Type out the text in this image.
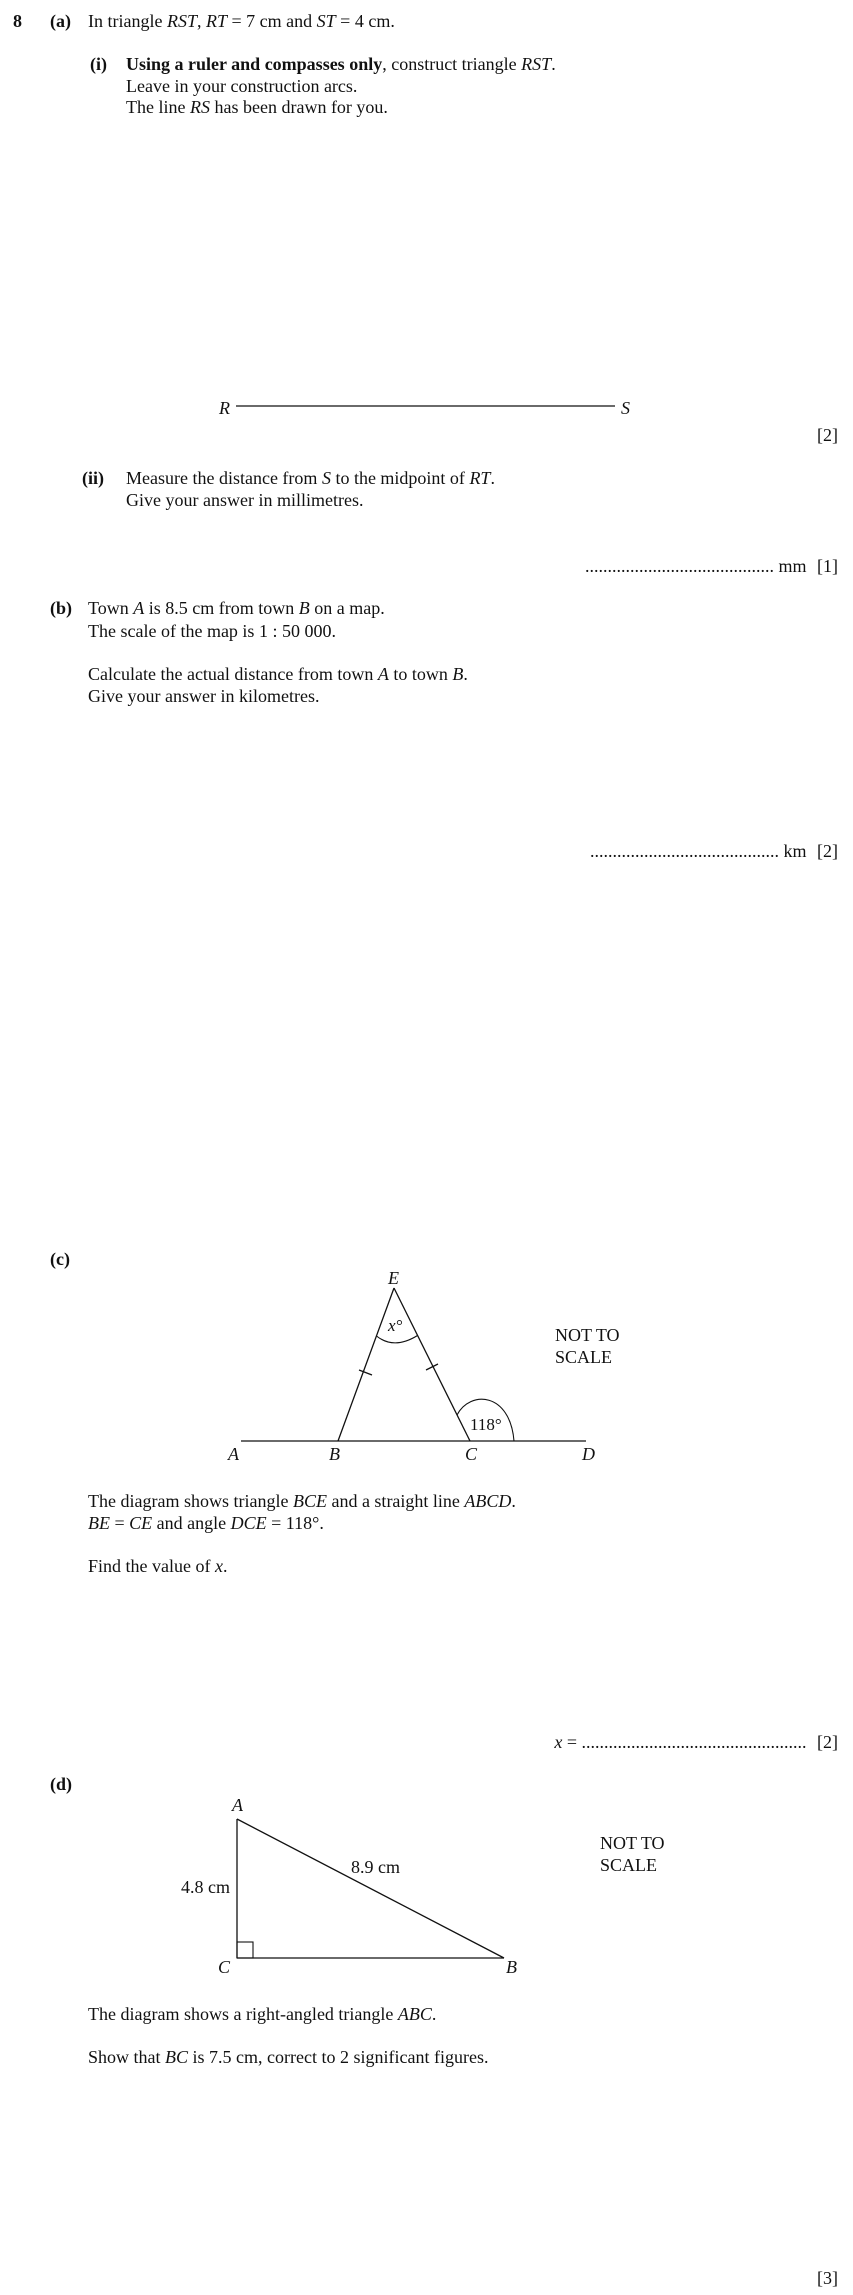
8 (a) In triangle RST, RT = 7 cm and ST = 4 cm.
(i) Using a ruler and compasses only, construct triangle RST.
Leave in your construction arcs.
The line RS has been drawn for you.
R	S
[2]
(ii) Measure the distance from S to the midpoint of RT.
Give your answer in millimetres.
.......................................... mm [1]
(b) Town A is 8.5 cm from town B on a map.
The scale of the map is 1 : 50 000.
Calculate the actual distance from town A to town B.
Give your answer in kilometres.
.......................................... km [2]
(c)
E
x°
118°
A	B	C	D
NOT TO
SCALE
The diagram shows triangle BCE and a straight line ABCD.
BE = CE and angle DCE = 118°.
Find the value of x.
x = .................................................. [2]
(d)
A
C	B
4.8 cm
8.9 cm
NOT TO
SCALE
The diagram shows a right-angled triangle ABC.
Show that BC is 7.5 cm, correct to 2 significant figures.
[3]
